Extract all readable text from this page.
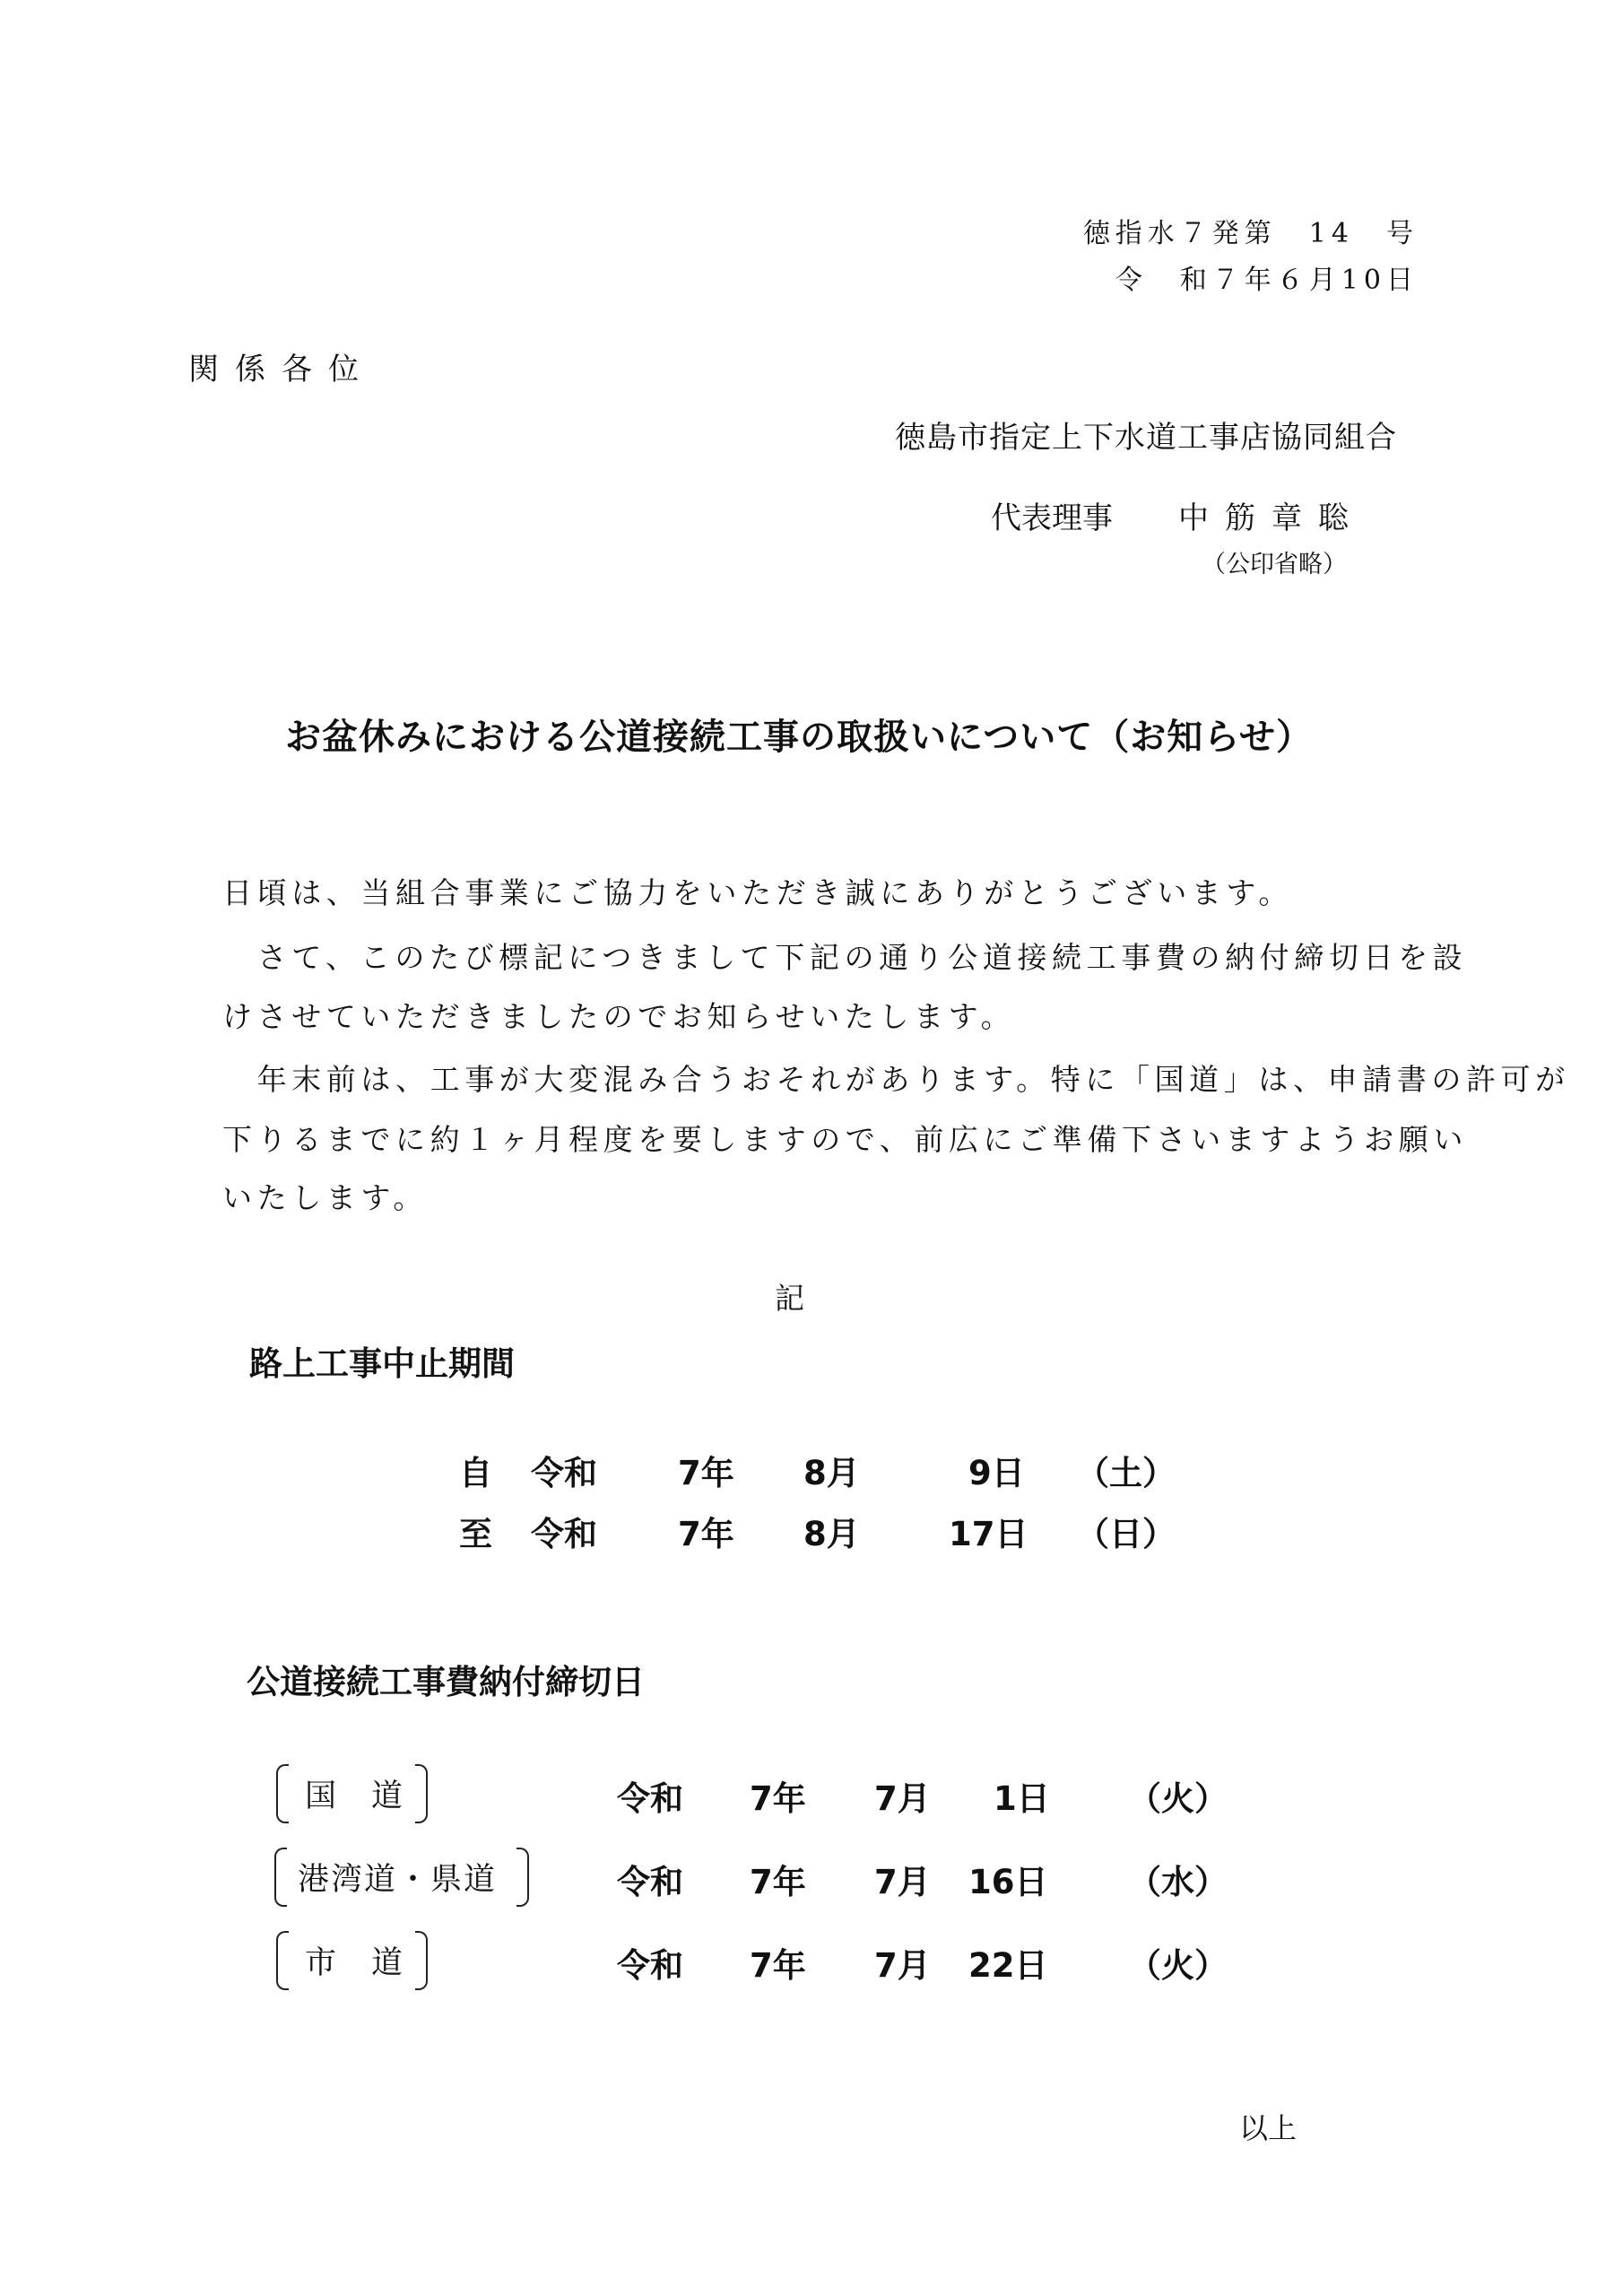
徳指水７発第　14　号
令　和７年６月10日
関係各位
徳島市指定上下水道工事店協同組合
代表理事 中筋章聡
（公印省略）
お盆休みにおける公道接続工事の取扱いについて（お知らせ）
日頃は、当組合事業にご協力をいただき誠にありがとうございます。
　さて、このたび標記につきまして下記の通り公道接続工事費の納付締切日を設
けさせていただきましたのでお知らせいたします。
　年末前は、工事が大変混み合うおそれがあります。特に「国道」は、申請書の許可が
下りるまでに約１ヶ月程度を要しますので、前広にご準備下さいますようお願い
いたします。
記
路上工事中止期間
自 令和 7年 8月	9日 （土）
至 令和 7年 8月	17日 （日）
公道接続工事費納付締切日
国　道	令和 7年 7月 1日 （火）
港湾道・県道	令和 7年 7月 16日 （水）
市　道	令和 7年 7月 22日 （火）
以上
